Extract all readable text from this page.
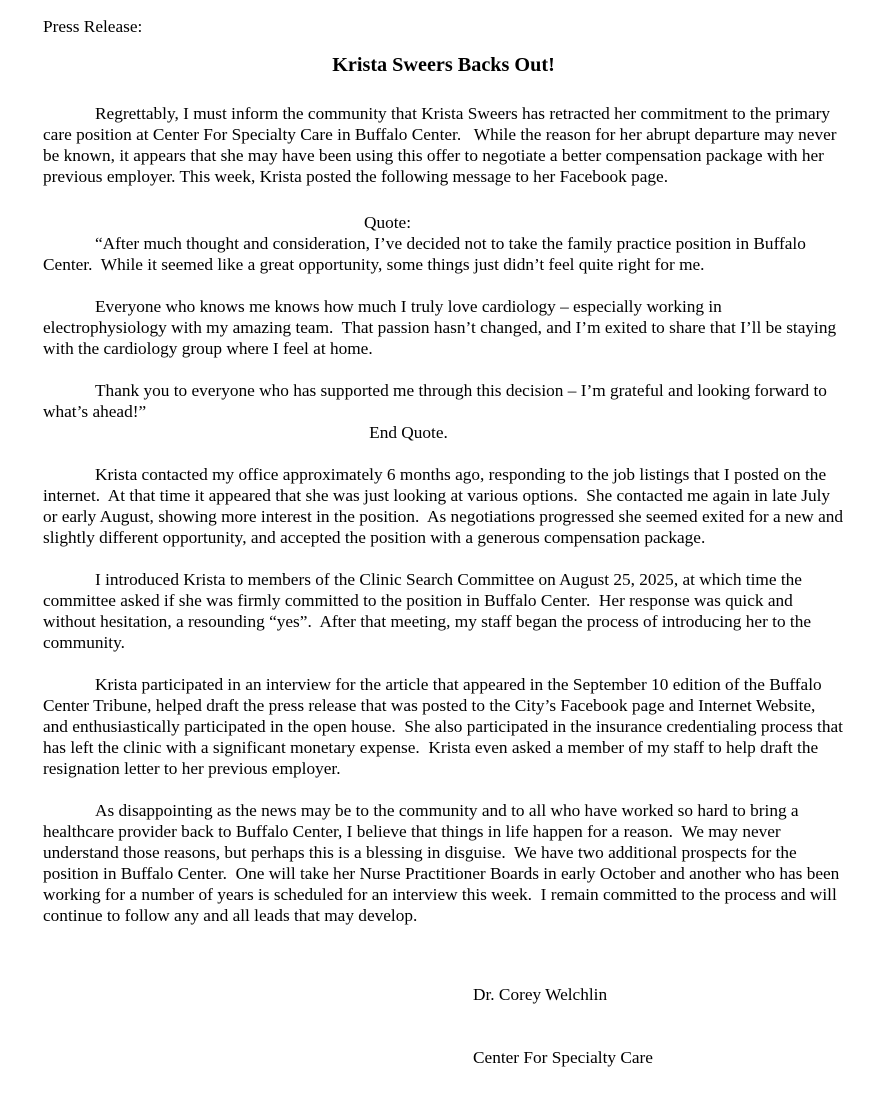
Press Release:
Krista Sweers Backs Out!

Regrettably, I must inform the community that Krista Sweers has retracted her commitment to the primary care position at Center For Specialty Care in Buffalo Center.   While the reason for her abrupt departure may never be known, it appears that she may have been using this offer to negotiate a better compensation package with her previous employer. This week, Krista posted the following message to her Facebook page.

Quote:

“After much thought and consideration, I’ve decided not to take the family practice position in Buffalo Center.  While it seemed like a great opportunity, some things just didn’t feel quite right for me.

Everyone who knows me knows how much I truly love cardiology – especially working in electrophysiology with my amazing team.  That passion hasn’t changed, and I’m exited to share that I’ll be staying with the cardiology group where I feel at home.

Thank you to everyone who has supported me through this decision – I’m grateful and looking forward to what’s ahead!”

End Quote.

Krista contacted my office approximately 6 months ago, responding to the job listings that I posted on the internet.  At that time it appeared that she was just looking at various options.  She contacted me again in late July or early August, showing more interest in the position.  As negotiations progressed she seemed exited for a new and slightly different opportunity, and accepted the position with a generous compensation package.

I introduced Krista to members of the Clinic Search Committee on August 25, 2025, at which time the committee asked if she was firmly committed to the position in Buffalo Center.  Her response was quick and without hesitation, a resounding “yes”.  After that meeting, my staff began the process of introducing her to the community.

Krista participated in an interview for the article that appeared in the September 10 edition of the Buffalo Center Tribune, helped draft the press release that was posted to the City’s Facebook page and Internet Website, and enthusiastically participated in the open house.  She also participated in the insurance credentialing process that has left the clinic with a significant monetary expense.  Krista even asked a member of my staff to help draft the resignation letter to her previous employer.

As disappointing as the news may be to the community and to all who have worked so hard to bring a healthcare provider back to Buffalo Center, I believe that things in life happen for a reason.  We may never understand those reasons, but perhaps this is a blessing in disguise.  We have two additional prospects for the position in Buffalo Center.  One will take her Nurse Practitioner Boards in early October and another who has been working for a number of years is scheduled for an interview this week.  I remain committed to the process and will continue to follow any and all leads that may develop.

Dr. Corey Welchlin

Center For Specialty Care
